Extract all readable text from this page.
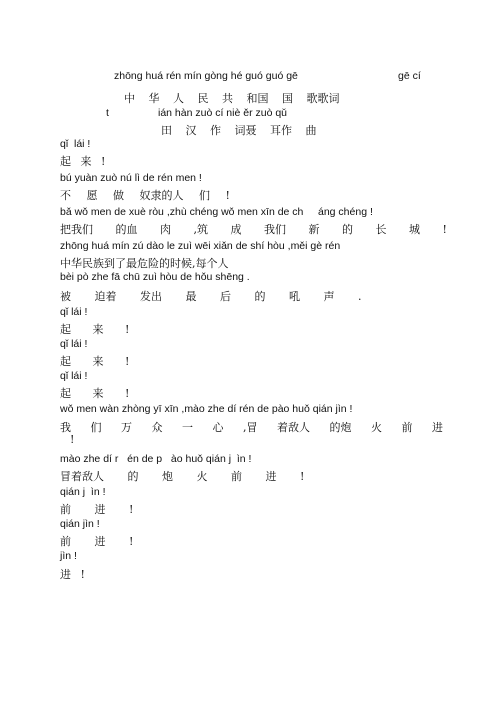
zhōng huá rén mín gòng hé guó guó gē	gē cí
中 华 人 民 共 和国 国 歌歌词
t	ián hàn zuò cí niè ěr zuò qǔ
田 汉 作 词聂 耳作 曲
qǐ  lái !
起 来 !
bú yuàn zuò nú lì de rén men !
不 愿 做 奴隶的人 们 !
bǎ wǒ men de xuè ròu ,zhù chéng wǒ men xīn de ch     áng chéng !
把我们 的血 肉 ,筑 成 我们 新 的 长 城 !
zhōng huá mín zú dào le zuì wēi xiǎn de shí hòu ,měi gè rén
中华民族到了最危险的时候,每个人
bèi pò zhe fā chū zuì hòu de hǒu shēng .
被 迫着 发出 最 后 的 吼 声 .
qǐ lái !
起 来 !
qǐ lái !
起 来 !
qǐ lái !
起 来 !
wǒ men wàn zhòng yī xīn ,mào zhe dí rén de pào huǒ qián jìn !
我 们 万 众 一 心 ,冒 着敌人 的炮 火 前 进
!
mào zhe dí r   én de p   ào huǒ qián j  ìn !
冒着敌人 的 炮 火 前 进 !
qián j  ìn !
前 进 !
qián jìn !
前 进 !
jìn !
进 !
